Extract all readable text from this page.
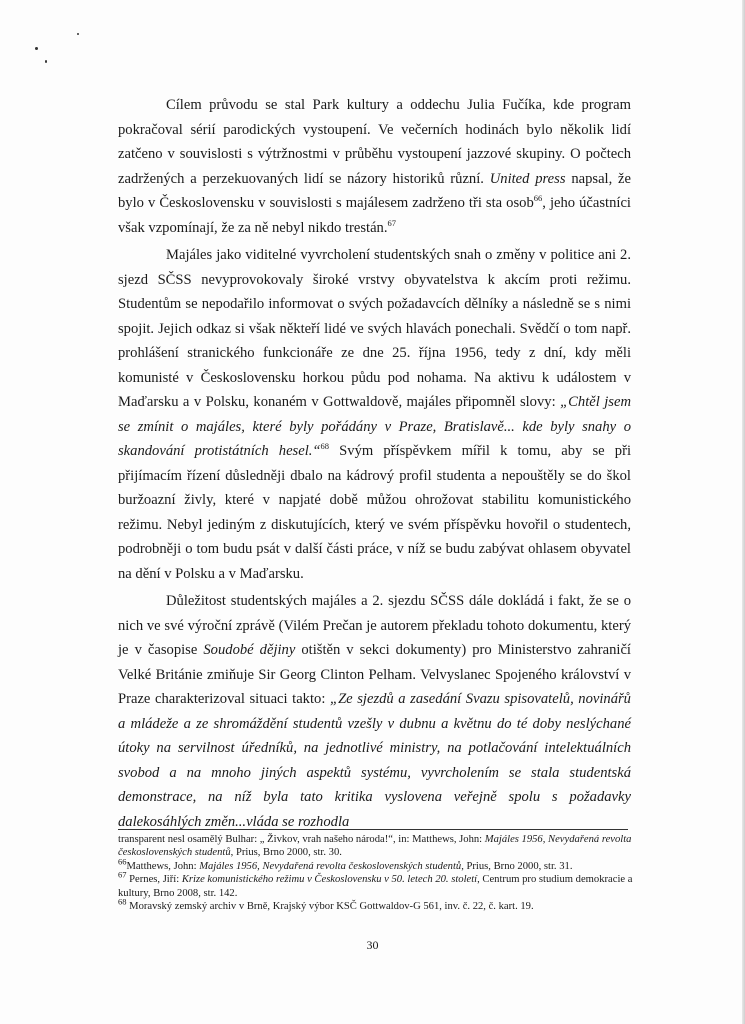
Cílem průvodu se stal Park kultury a oddechu Julia Fučíka, kde program pokračoval sérií parodických vystoupení. Ve večerních hodinách bylo několik lidí zatčeno v souvislosti s výtržnostmi v průběhu vystoupení jazzové skupiny. O počtech zadržených a perzekuovaných lidí se názory historiků různí. United press napsal, že bylo v Československu v souvislosti s majálesem zadrženo tři sta osob$^{66}$, jeho účastníci však vzpomínají, že za ně nebyl nikdo trestán.$^{67}$

Majáles jako viditelné vyvrcholení studentských snah o změny v politice ani 2. sjezd SČSS nevyprovokovaly široké vrstvy obyvatelstva k akcím proti režimu. Studentům se nepodařilo informovat o svých požadavcích dělníky a následně se s nimi spojit. Jejich odkaz si však někteří lidé ve svých hlavách ponechali. Svědčí o tom např. prohlášení stranického funkcionáře ze dne 25. října 1956, tedy z dní, kdy měli komunisté v Československu horkou půdu pod nohama. Na aktivu k událostem v Maďarsku a v Polsku, konaném v Gottwaldově, majáles připomněl slovy: „Chtěl jsem se zmínit o majáles, které byly pořádány v Praze, Bratislavě... kde byly snahy o skandování protistátních hesel.“$^{68}$ Svým příspěvkem mířil k tomu, aby se při přijímacím řízení důsledněji dbalo na kádrový profil studenta a nepouštěly se do škol buržoazní živly, které v napjaté době můžou ohrožovat stabilitu komunistického režimu. Nebyl jediným z diskutujících, který ve svém příspěvku hovořil o studentech, podrobněji o tom budu psát v další části práce, v níž se budu zabývat ohlasem obyvatel na dění v Polsku a v Maďarsku.

Důležitost studentských majáles a 2. sjezdu SČSS dále dokládá i fakt, že se o nich ve své výroční zprávě (Vilém Prečan je autorem překladu tohoto dokumentu, který je v časopise Soudobé dějiny otištěn v sekci dokumenty) pro Ministerstvo zahraničí Velké Británie zmiňuje Sir Georg Clinton Pelham. Velvyslanec Spojeného království v Praze charakterizoval situaci takto: „Ze sjezdů a zasedání Svazu spisovatelů, novinářů a mládeže a ze shromáždění studentů vzešly v dubnu a květnu do té doby neslýchané útoky na servilnost úředníků, na jednotlivé ministry, na potlačování intelektuálních svobod a na mnoho jiných aspektů systému, vyvrcholením se stala studentská demonstrace, na níž byla tato kritika vyslovena veřejně spolu s požadavky dalekosáhlých změn...vláda se rozhodla

transparent nesl osamělý Bulhar: „ Živkov, vrah našeho národa!“, in: Matthews, John: Majáles 1956, Nevydařená revolta československých studentů, Prius, Brno 2000, str. 30.

$^{66}$Matthews, John: Majáles 1956, Nevydařená revolta československých studentů, Prius, Brno 2000, str. 31.

$^{67}$ Pernes, Jiří: Krize komunistického režimu v Československu v 50. letech 20. století, Centrum pro studium demokracie a kultury, Brno 2008, str. 142.

$^{68}$ Moravský zemský archiv v Brně, Krajský výbor KSČ Gottwaldov-G 561, inv. č. 22, č. kart. 19.

30
